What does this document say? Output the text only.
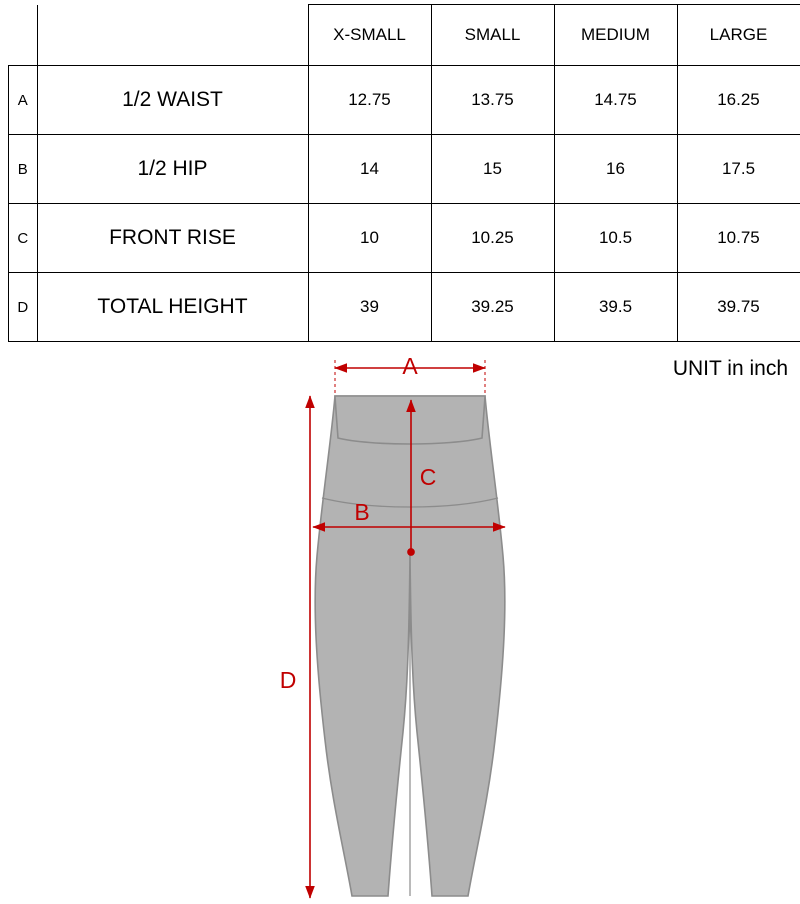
		X-SMALL	SMALL	MEDIUM	LARGE
A	1/2 WAIST	12.75	13.75	14.75	16.25
B	1/2 HIP	14	15	16	17.5
C	FRONT RISE	10	10.25	10.5	10.75
D	TOTAL HEIGHT	39	39.25	39.5	39.75
UNIT in inch
A
C
B
D
